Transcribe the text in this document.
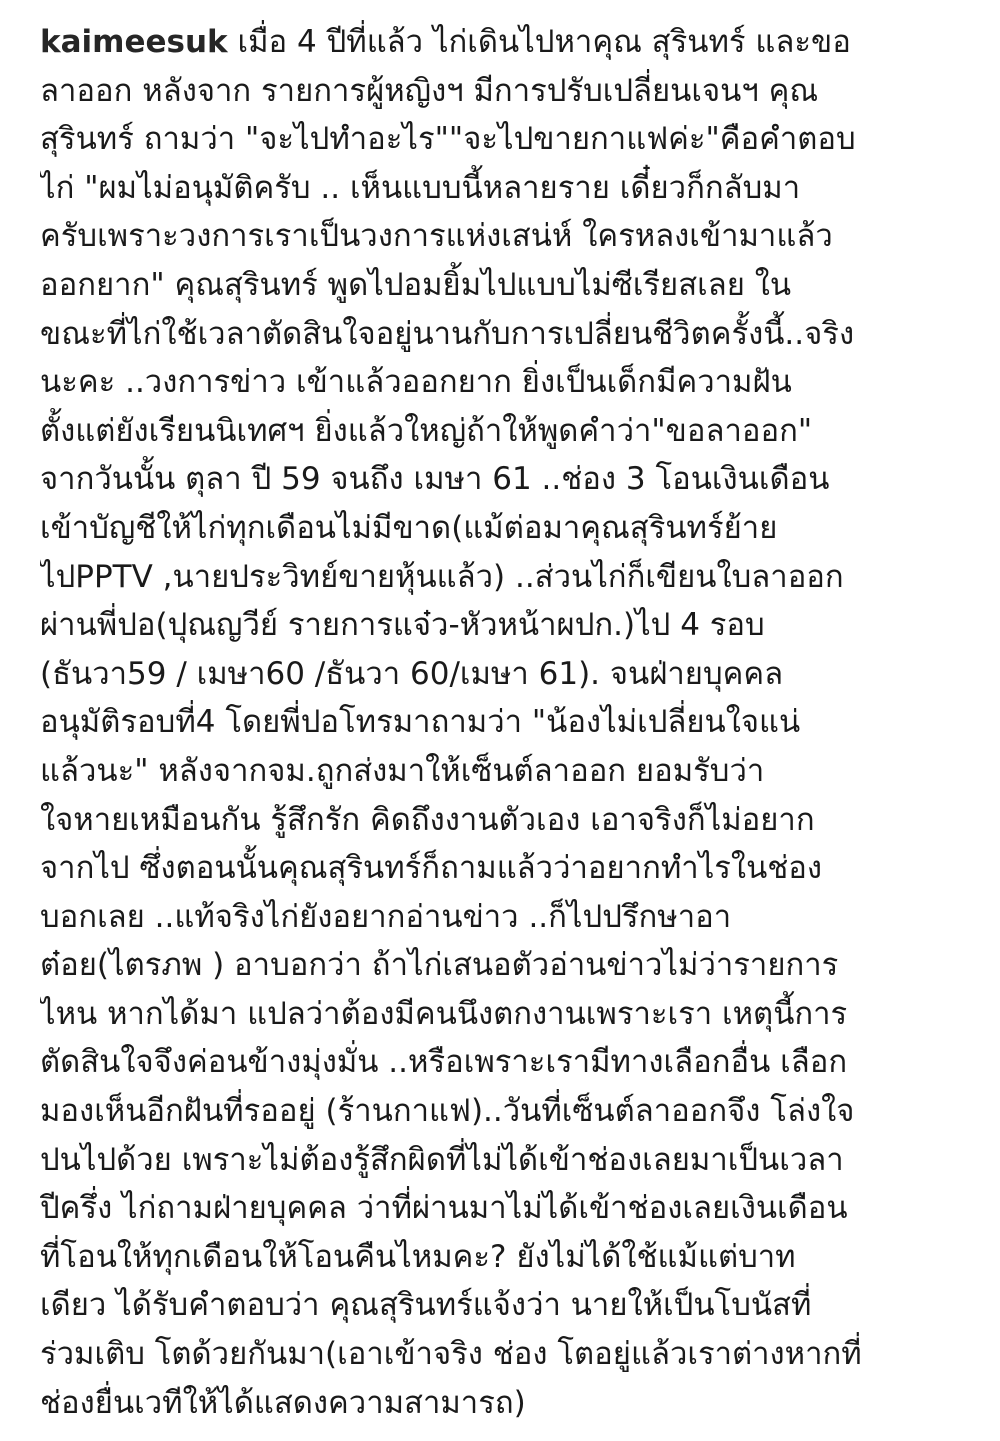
kaimeesuk เมื่อ 4 ปีที่แล้ว ไก่เดินไปหาคุณ สุรินทร์ และขอ
ลาออก หลังจาก รายการผู้หญิงฯ มีการปรับเปลี่ยนเจนฯ คุณ
สุรินทร์ ถามว่า "จะไปทำอะไร""จะไปขายกาแฟค่ะ"คือคำตอบ
ไก่ "ผมไม่อนุมัติครับ .. เห็นแบบนี้หลายราย เดี๋ยวก็กลับมา
ครับเพราะวงการเราเป็นวงการแห่งเสน่ห์ ใครหลงเข้ามาแล้ว
ออกยาก" คุณสุรินทร์ พูดไปอมยิ้มไปแบบไม่ซีเรียสเลย ใน
ขณะที่ไก่ใช้เวลาตัดสินใจอยู่นานกับการเปลี่ยนชีวิตครั้งนี้..จริง
นะคะ ..วงการข่าว เข้าแล้วออกยาก ยิ่งเป็นเด็กมีความฝัน
ตั้งแต่ยังเรียนนิเทศฯ ยิ่งแล้วใหญ่ถ้าให้พูดคำว่า"ขอลาออก"
จากวันนั้น ตุลา ปี 59 จนถึง เมษา 61 ..ช่อง 3 โอนเงินเดือน
เข้าบัญชีให้ไก่ทุกเดือนไม่มีขาด(แม้ต่อมาคุณสุรินทร์ย้าย
ไปPPTV ,นายประวิทย์ขายหุ้นแล้ว) ..ส่วนไก่ก็เขียนใบลาออก
ผ่านพี่ปอ(ปุณญวีย์ รายการแจ๋ว-หัวหน้าผปก.)ไป 4 รอบ
(ธันวา59 / เมษา60 /ธันวา 60/เมษา 61). จนฝ่ายบุคคล
อนุมัติรอบที่4 โดยพี่ปอโทรมาถามว่า "น้องไม่เปลี่ยนใจแน่
แล้วนะ" หลังจากจม.ถูกส่งมาให้เซ็นต์ลาออก ยอมรับว่า
ใจหายเหมือนกัน รู้สึกรัก คิดถึงงานตัวเอง เอาจริงก็ไม่อยาก
จากไป ซึ่งตอนนั้นคุณสุรินทร์ก็ถามแล้วว่าอยากทำไรในช่อง
บอกเลย ..แท้จริงไก่ยังอยากอ่านข่าว ..ก็ไปปรึกษาอา
ต๋อย(ไตรภพ ) อาบอกว่า ถ้าไก่เสนอตัวอ่านข่าวไม่ว่ารายการ
ไหน หากได้มา แปลว่าต้องมีคนนึงตกงานเพราะเรา เหตุนี้การ
ตัดสินใจจึงค่อนข้างมุ่งมั่น ..หรือเพราะเรามีทางเลือกอื่น เลือก
มองเห็นอีกฝันที่รออยู่ (ร้านกาแฟ)..วันที่เซ็นต์ลาออกจึง โล่งใจ
ปนไปด้วย เพราะไม่ต้องรู้สึกผิดที่ไม่ได้เข้าช่องเลยมาเป็นเวลา
ปีครึ่ง ไก่ถามฝ่ายบุคคล ว่าที่ผ่านมาไม่ได้เข้าช่องเลยเงินเดือน
ที่โอนให้ทุกเดือนให้โอนคืนไหมคะ? ยังไม่ได้ใช้แม้แต่บาท
เดียว ได้รับคำตอบว่า คุณสุรินทร์แจ้งว่า นายให้เป็นโบนัสที่
ร่วมเติบ โตด้วยกันมา(เอาเข้าจริง ช่อง โตอยู่แล้วเราต่างหากที่
ช่องยื่นเวทีให้ได้แสดงความสามารถ)
